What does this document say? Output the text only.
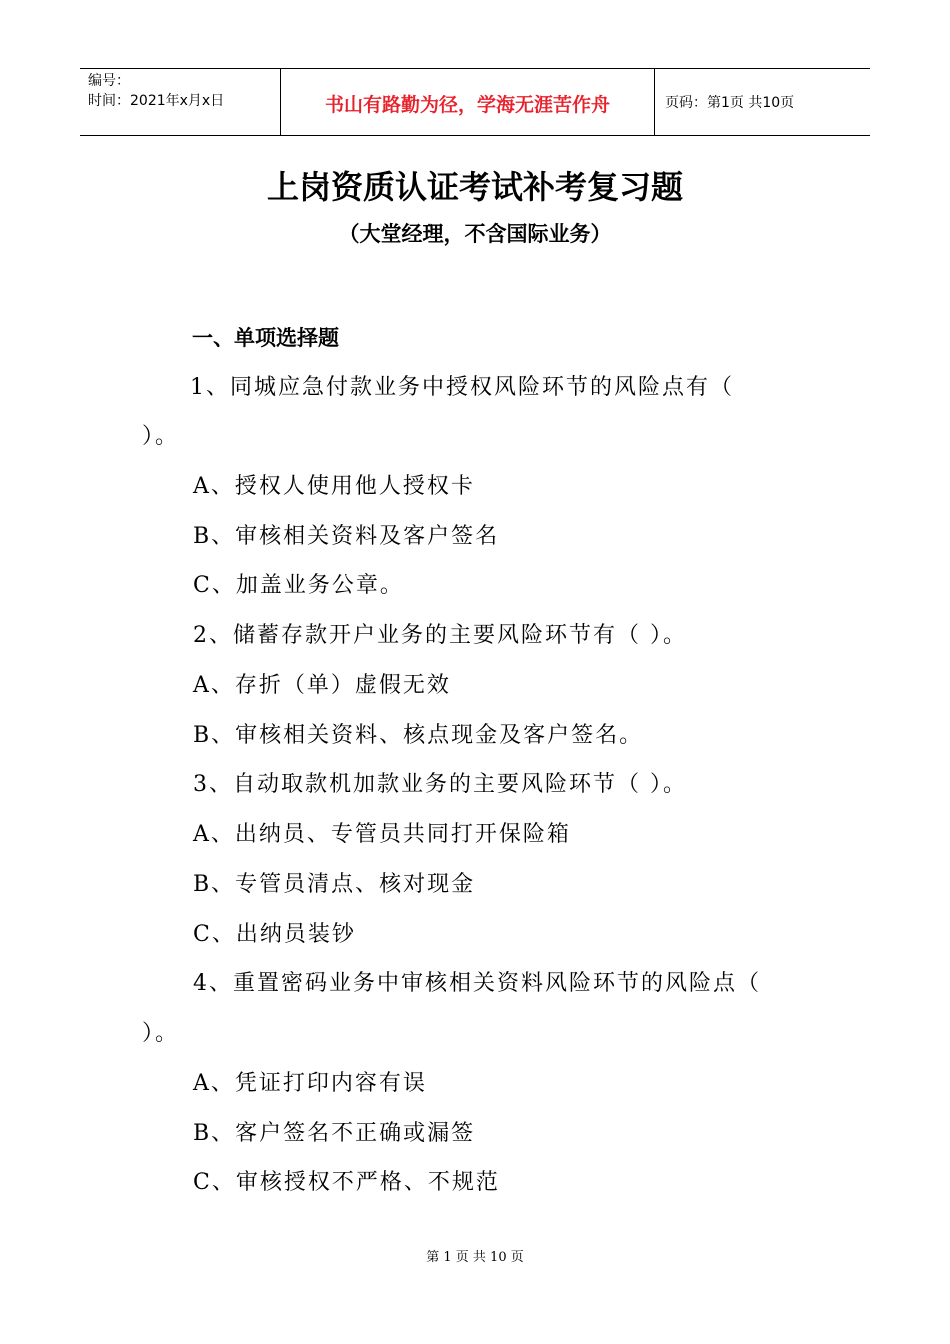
编号：
时间：2021年x月x日	书山有路勤为径，学海无涯苦作舟	页码：第1页 共10页
上岗资质认证考试补考复习题
（大堂经理，不含国际业务）
一、单项选择题
1、同城应急付款业务中授权风险环节的风险点有（
）。
A、授权人使用他人授权卡
B、审核相关资料及客户签名
C、加盖业务公章。
2、储蓄存款开户业务的主要风险环节有（ ）。
A、存折（单）虚假无效
B、审核相关资料、核点现金及客户签名。
3、自动取款机加款业务的主要风险环节（ ）。
A、出纳员、专管员共同打开保险箱
B、专管员清点、核对现金
C、出纳员装钞
4、重置密码业务中审核相关资料风险环节的风险点（
）。
A、凭证打印内容有误
B、客户签名不正确或漏签
C、审核授权不严格、不规范
第 1 页 共 10 页
